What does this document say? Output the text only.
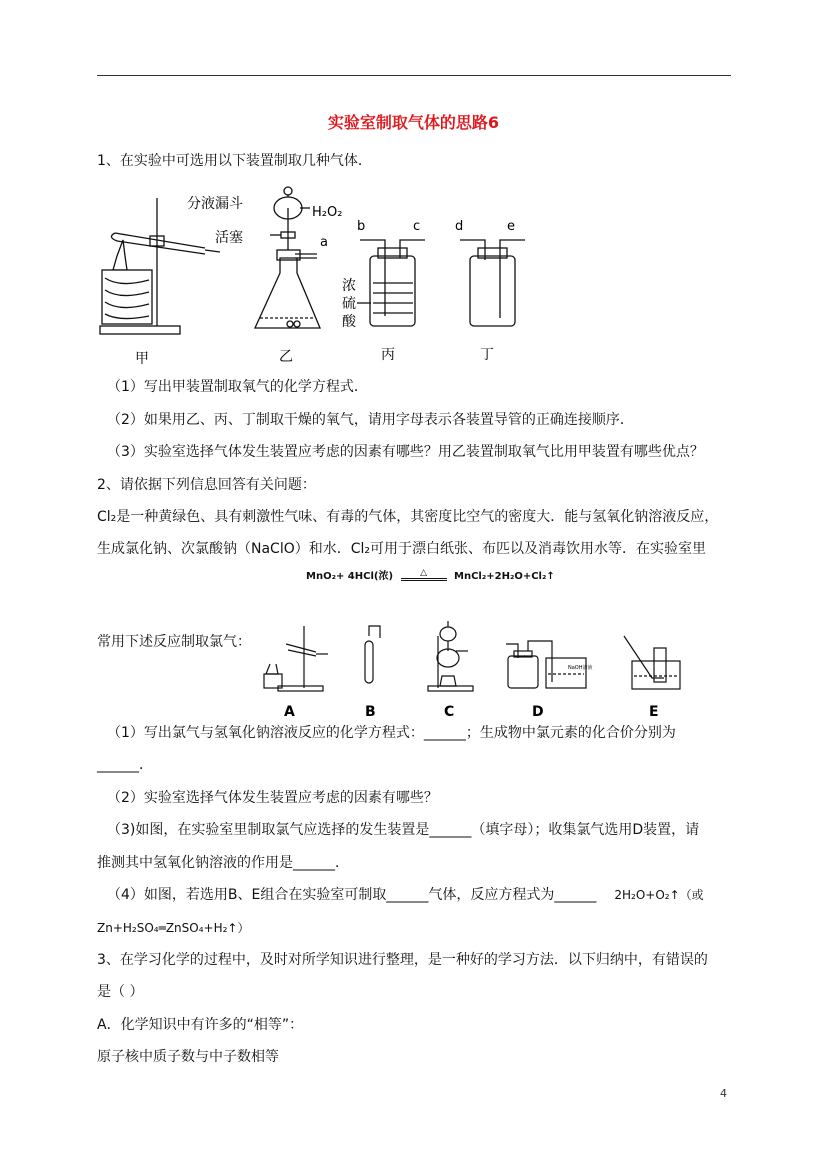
实验室制取气体的思路6
1、在实验中可选用以下装置制取几种气体．
分液漏斗
H₂O₂
活塞	a
b	c	d	e
浓
硫
酸
甲	乙	丙	丁
（1）写出甲装置制取氧气的化学方程式．
（2）如果用乙、丙、丁制取干燥的氧气，请用字母表示各装置导管的正确连接顺序．
（3）实验室选择气体发生装置应考虑的因素有哪些？用乙装置制取氧气比用甲装置有哪些优点？
2、请依据下列信息回答有关问题：
Cl₂是一种黄绿色、具有刺激性气味、有毒的气体，其密度比空气的密度大．能与氢氧化钠溶液反应，
生成氯化钠、次氯酸钠（NaClO）和水．Cl₂可用于漂白纸张、布匹以及消毒饮用水等．在实验室里
MnO₂+ 4HCl(浓)	△	MnCl₂+2H₂O+Cl₂↑
常用下述反应制取氯气：
NaOH溶液
A	B	C	D	E
（1）写出氯气与氢氧化钠溶液反应的化学方程式：______；生成物中氯元素的化合价分别为
______．
（2）实验室选择气体发生装置应考虑的因素有哪些？
（3)如图，在实验室里制取氯气应选择的发生装置是______（填字母）；收集氯气选用D装置，请
推测其中氢氧化钠溶液的作用是______．
（4）如图，若选用B、E组合在实验室可制取______气体，反应方程式为______ 2H₂O+O₂↑（或
Zn+H₂SO₄═ZnSO₄+H₂↑）
3、在学习化学的过程中，及时对所学知识进行整理，是一种好的学习方法．以下归纳中，有错误的
是（ ）
A．化学知识中有许多的“相等”：
原子核中质子数与中子数相等
4
